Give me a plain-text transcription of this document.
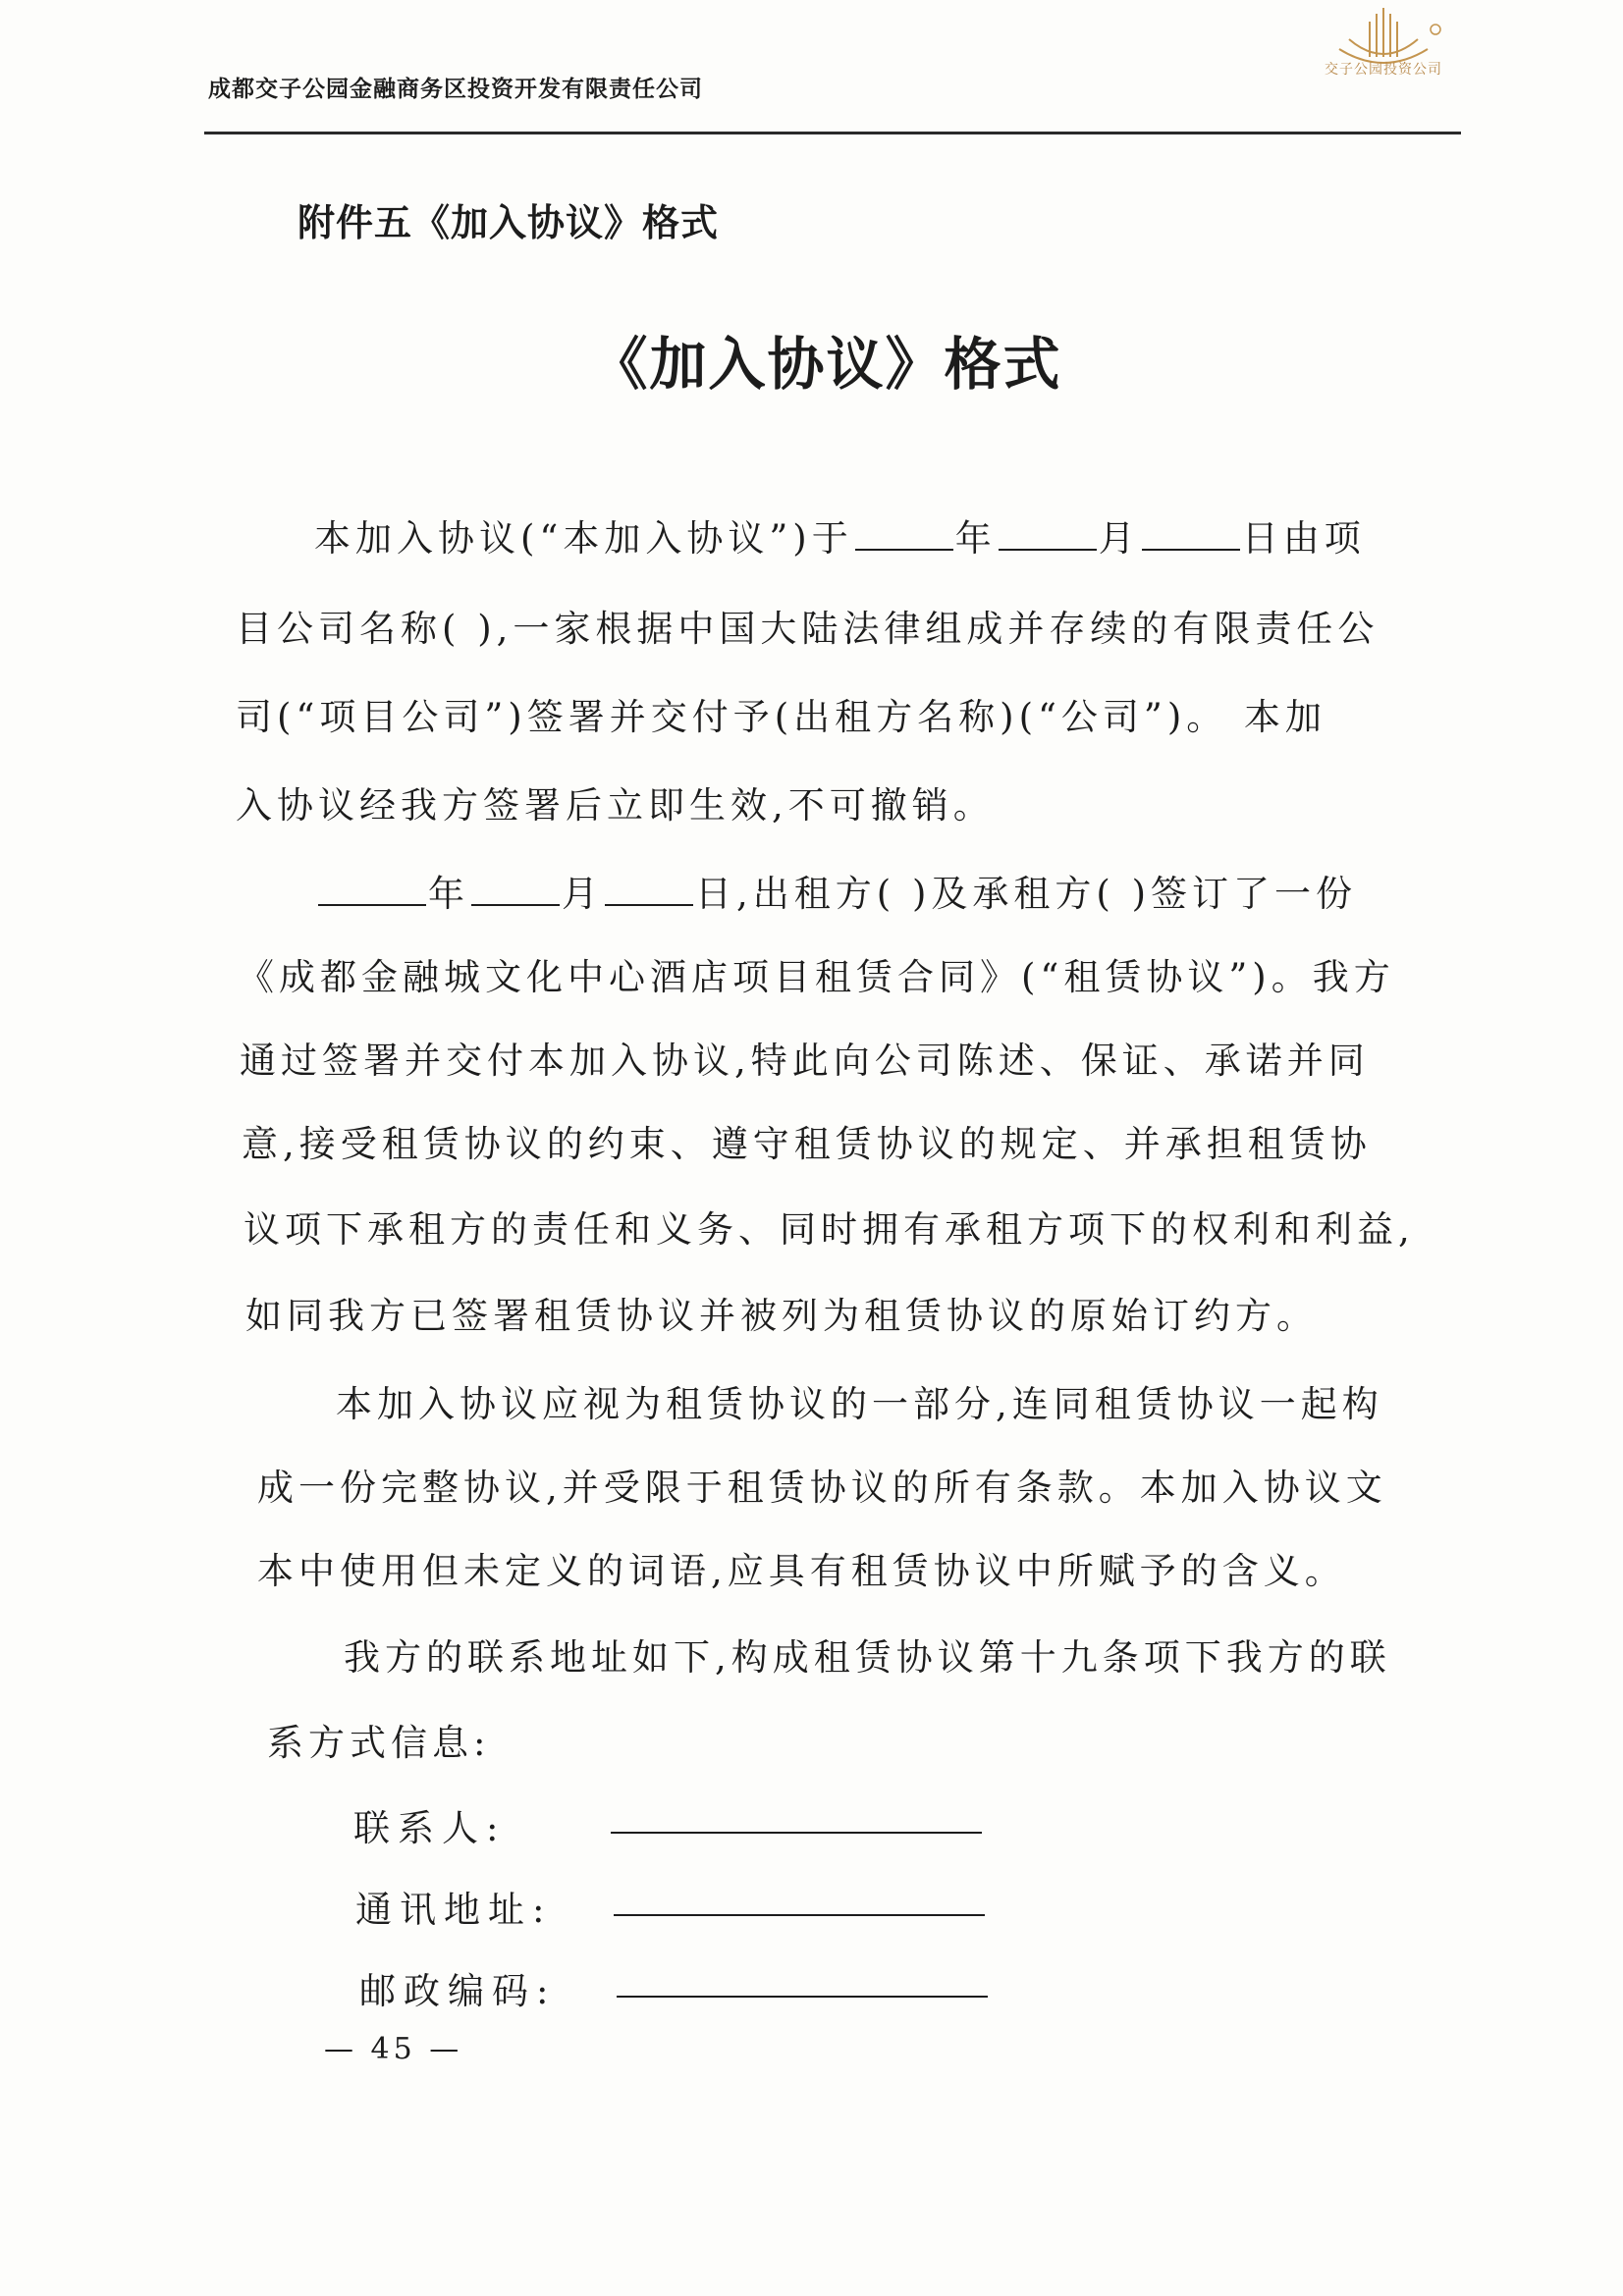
成都交子公园金融商务区投资开发有限责任公司
交子公园投资公司
附件五《加入协议》格式
《加入协议》格式
本加入协议(“本加入协议”)于	年	月	日由项
目公司名称( ),一家根据中国大陆法律组成并存续的有限责任公
司(“项目公司”)签署并交付予(出租方名称)(“公司”)。 本加
入协议经我方签署后立即生效,不可撤销。
年	月	日,出租方( )及承租方( )签订了一份
《成都金融城文化中心酒店项目租赁合同》(“租赁协议”)。我方
通过签署并交付本加入协议,特此向公司陈述、保证、承诺并同
意,接受租赁协议的约束、遵守租赁协议的规定、并承担租赁协
议项下承租方的责任和义务、同时拥有承租方项下的权利和利益,
如同我方已签署租赁协议并被列为租赁协议的原始订约方。
本加入协议应视为租赁协议的一部分,连同租赁协议一起构
成一份完整协议,并受限于租赁协议的所有条款。本加入协议文
本中使用但未定义的词语,应具有租赁协议中所赋予的含义。
我方的联系地址如下,构成租赁协议第十九条项下我方的联
系方式信息:
联系人:
通讯地址:
邮政编码:
— 45 —
